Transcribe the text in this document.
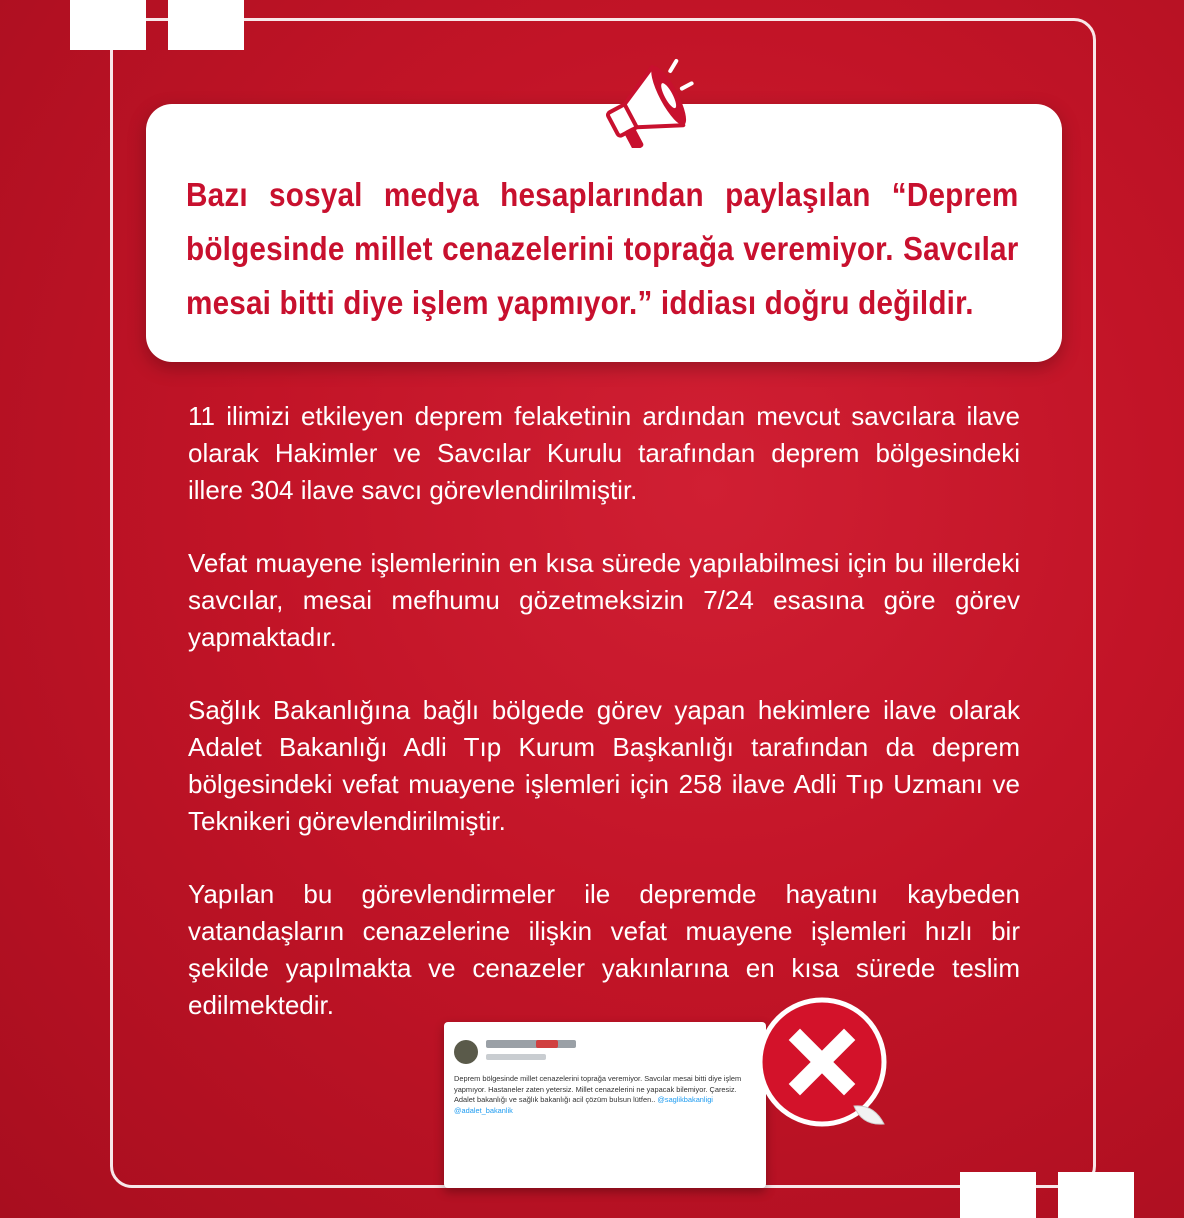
Bazı sosyal medya hesaplarından paylaşılan “Deprem bölgesinde millet cenazelerini toprağa veremiyor. Savcılar mesai bitti diye işlem yapmıyor.” iddiası doğru değildir.

11 ilimizi etkileyen deprem felaketinin ardından mevcut savcılara ilave olarak Hakimler ve Savcılar Kurulu tarafından deprem bölgesindeki illere 304 ilave savcı görevlendirilmiştir.

Vefat muayene işlemlerinin en kısa sürede yapılabilmesi için bu illerdeki savcılar, mesai mefhumu gözetmeksizin 7/24 esasına göre görev yapmaktadır.

Sağlık Bakanlığına bağlı bölgede görev yapan hekimlere ilave olarak Adalet Bakanlığı Adli Tıp Kurum Başkanlığı tarafından da deprem bölgesindeki vefat muayene işlemleri için 258 ilave Adli Tıp Uzmanı ve Teknikeri görevlendirilmiştir.

Yapılan bu görevlendirmeler ile depremde hayatını kaybeden vatandaşların cenazelerine ilişkin vefat muayene işlemleri hızlı bir şekilde yapılmakta ve cenazeler yakınlarına en kısa sürede teslim edilmektedir.

Deprem bölgesinde millet cenazelerini toprağa veremiyor. Savcılar mesai bitti diye işlem yapmıyor. Hastaneler zaten yetersiz. Millet cenazelerini ne yapacak bilemiyor. Çaresiz. Adalet bakanlığı ve sağlık bakanlığı acil çözüm bulsun lütfen.. @saglikbakanligi @adalet_bakanlik
